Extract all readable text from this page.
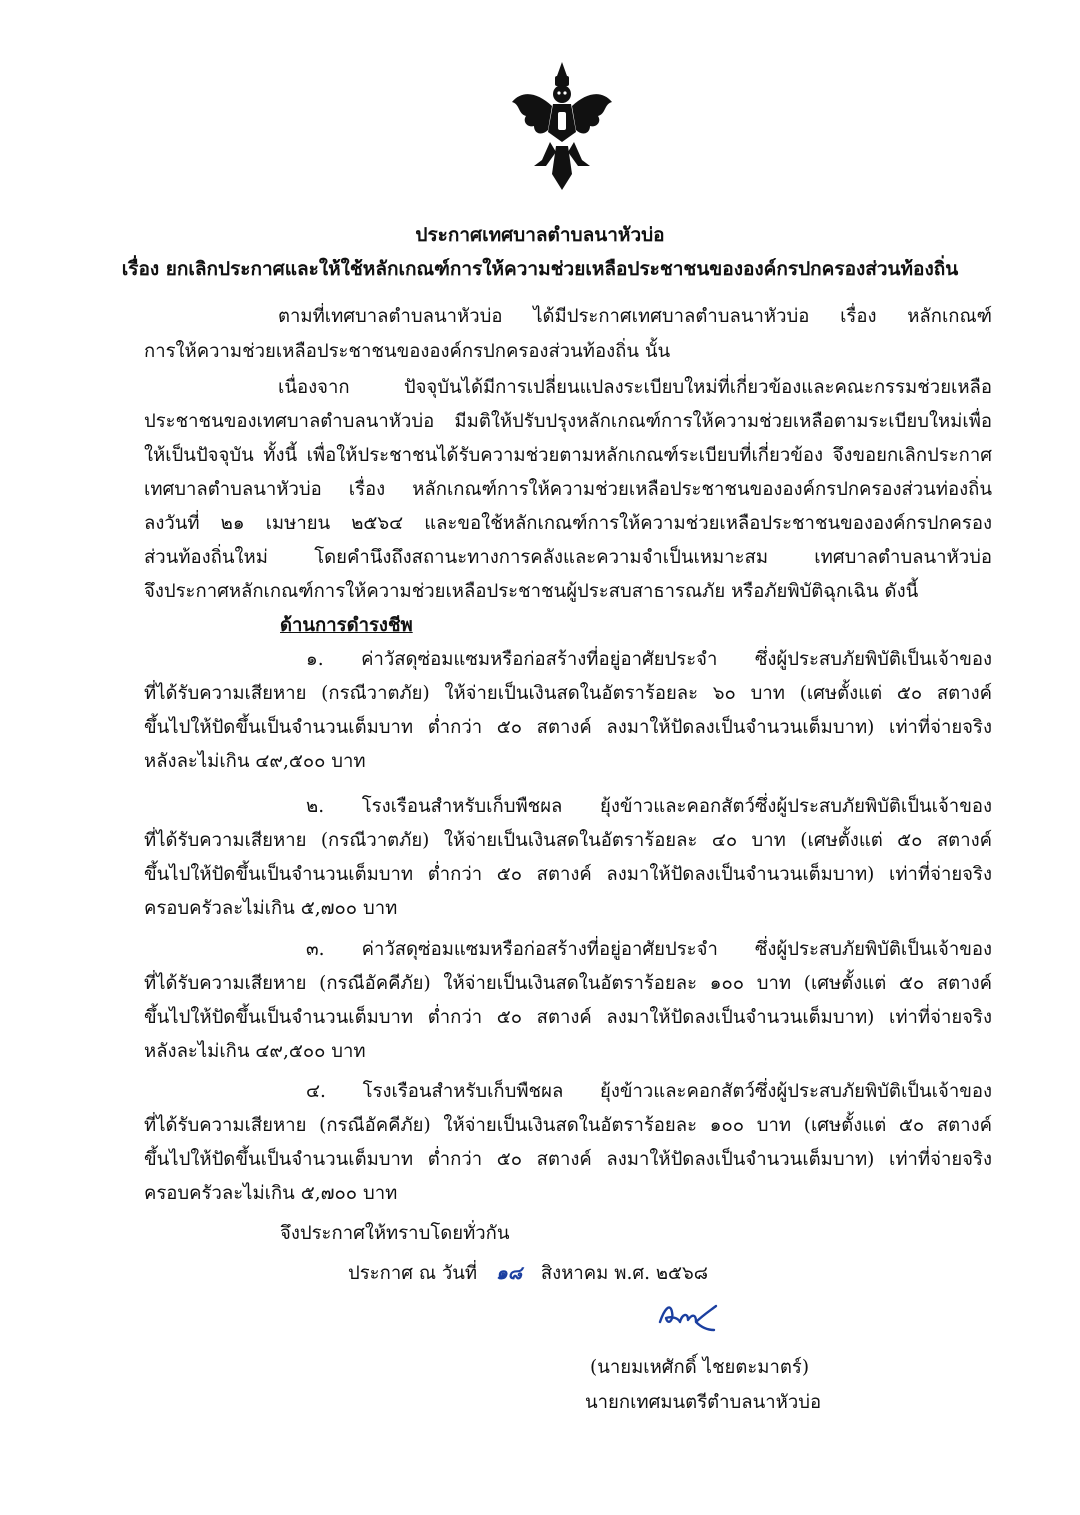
ประกาศเทศบาลตำบลนาหัวบ่อ
เรื่อง ยกเลิกประกาศและให้ใช้หลักเกณฑ์การให้ความช่วยเหลือประชาชนขององค์กรปกครองส่วนท้องถิ่น
ตามที่เทศบาลตำบลนาหัวบ่อ ได้มีประกาศเทศบาลตำบลนาหัวบ่อ เรื่อง หลักเกณฑ์
การให้ความช่วยเหลือประชาชนขององค์กรปกครองส่วนท้องถิ่น นั้น
เนื่องจาก ปัจจุบันได้มีการเปลี่ยนแปลงระเบียบใหม่ที่เกี่ยวข้องและคณะกรรมช่วยเหลือ
ประชาชนของเทศบาลตำบลนาหัวบ่อ มีมติให้ปรับปรุงหลักเกณฑ์การให้ความช่วยเหลือตามระเบียบใหม่เพื่อ
ให้เป็นปัจจุบัน ทั้งนี้ เพื่อให้ประชาชนได้รับความช่วยตามหลักเกณฑ์ระเบียบที่เกี่ยวข้อง จึงขอยกเลิกประกาศ
เทศบาลตำบลนาหัวบ่อ เรื่อง หลักเกณฑ์การให้ความช่วยเหลือประชาชนขององค์กรปกครองส่วนท่องถิ่น
ลงวันที่ ๒๑ เมษายน ๒๕๖๔ และขอใช้หลักเกณฑ์การให้ความช่วยเหลือประชาชนขององค์กรปกครอง
ส่วนท้องถิ่นใหม่ โดยคำนึงถึงสถานะทางการคลังและความจำเป็นเหมาะสม เทศบาลตำบลนาหัวบ่อ
จึงประกาศหลักเกณฑ์การให้ความช่วยเหลือประชาชนผู้ประสบสาธารณภัย หรือภัยพิบัติฉุกเฉิน ดังนี้
ด้านการดำรงชีพ
๑. ค่าวัสดุซ่อมแซมหรือก่อสร้างที่อยู่อาศัยประจำ ซึ่งผู้ประสบภัยพิบัติเป็นเจ้าของ
ที่ได้รับความเสียหาย (กรณีวาตภัย) ให้จ่ายเป็นเงินสดในอัตราร้อยละ ๖๐ บาท (เศษตั้งแต่ ๕๐ สตางค์
ขึ้นไปให้ปัดขึ้นเป็นจำนวนเต็มบาท ต่ำกว่า ๕๐ สตางค์ ลงมาให้ปัดลงเป็นจำนวนเต็มบาท) เท่าที่จ่ายจริง
หลังละไม่เกิน ๔๙,๕๐๐ บาท
๒. โรงเรือนสำหรับเก็บพืชผล ยุ้งข้าวและคอกสัตว์ซึ่งผู้ประสบภัยพิบัติเป็นเจ้าของ
ที่ได้รับความเสียหาย (กรณีวาตภัย) ให้จ่ายเป็นเงินสดในอัตราร้อยละ ๔๐ บาท (เศษตั้งแต่ ๕๐ สตางค์
ขึ้นไปให้ปัดขึ้นเป็นจำนวนเต็มบาท ต่ำกว่า ๕๐ สตางค์ ลงมาให้ปัดลงเป็นจำนวนเต็มบาท) เท่าที่จ่ายจริง
ครอบครัวละไม่เกิน ๕,๗๐๐ บาท
๓. ค่าวัสดุซ่อมแซมหรือก่อสร้างที่อยู่อาศัยประจำ ซึ่งผู้ประสบภัยพิบัติเป็นเจ้าของ
ที่ได้รับความเสียหาย (กรณีอัคคีภัย) ให้จ่ายเป็นเงินสดในอัตราร้อยละ ๑๐๐ บาท (เศษตั้งแต่ ๕๐ สตางค์
ขึ้นไปให้ปัดขึ้นเป็นจำนวนเต็มบาท ต่ำกว่า ๕๐ สตางค์ ลงมาให้ปัดลงเป็นจำนวนเต็มบาท) เท่าที่จ่ายจริง
หลังละไม่เกิน ๔๙,๕๐๐ บาท
๔. โรงเรือนสำหรับเก็บพืชผล ยุ้งข้าวและคอกสัตว์ซึ่งผู้ประสบภัยพิบัติเป็นเจ้าของ
ที่ได้รับความเสียหาย (กรณีอัคคีภัย) ให้จ่ายเป็นเงินสดในอัตราร้อยละ ๑๐๐ บาท (เศษตั้งแต่ ๕๐ สตางค์
ขึ้นไปให้ปัดขึ้นเป็นจำนวนเต็มบาท ต่ำกว่า ๕๐ สตางค์ ลงมาให้ปัดลงเป็นจำนวนเต็มบาท) เท่าที่จ่ายจริง
ครอบครัวละไม่เกิน ๕,๗๐๐ บาท
จึงประกาศให้ทราบโดยทั่วกัน
ประกาศ ณ วันที่ ๑๘ สิงหาคม พ.ศ. ๒๕๖๘
(นายมเหศักดิ์ ไชยตะมาตร์)
นายกเทศมนตรีตำบลนาหัวบ่อ
